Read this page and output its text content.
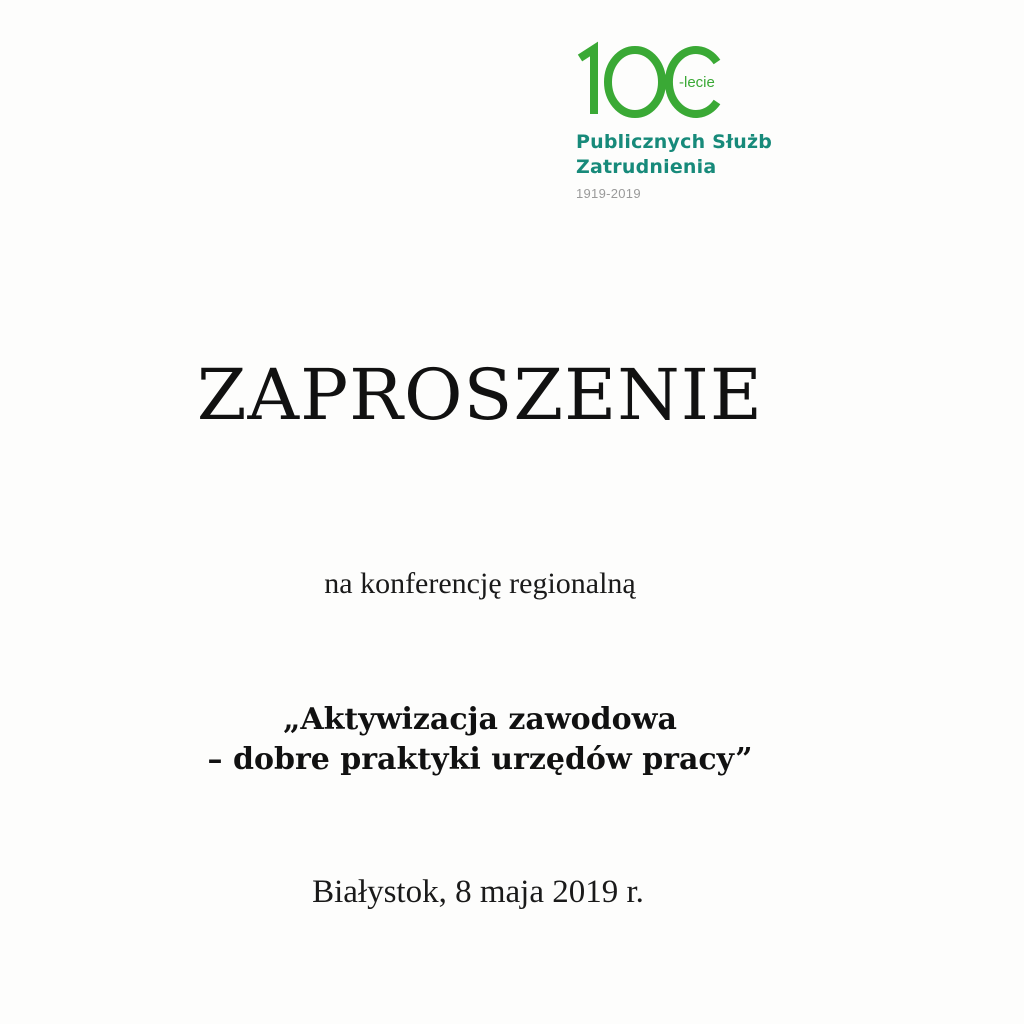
-lecie
Publicznych Służb
Zatrudnienia
1919-2019
ZAPROSZENIE
na konferencję regionalną
„Aktywizacja zawodowa
– dobre praktyki urzędów pracy”
Białystok, 8 maja 2019 r.
